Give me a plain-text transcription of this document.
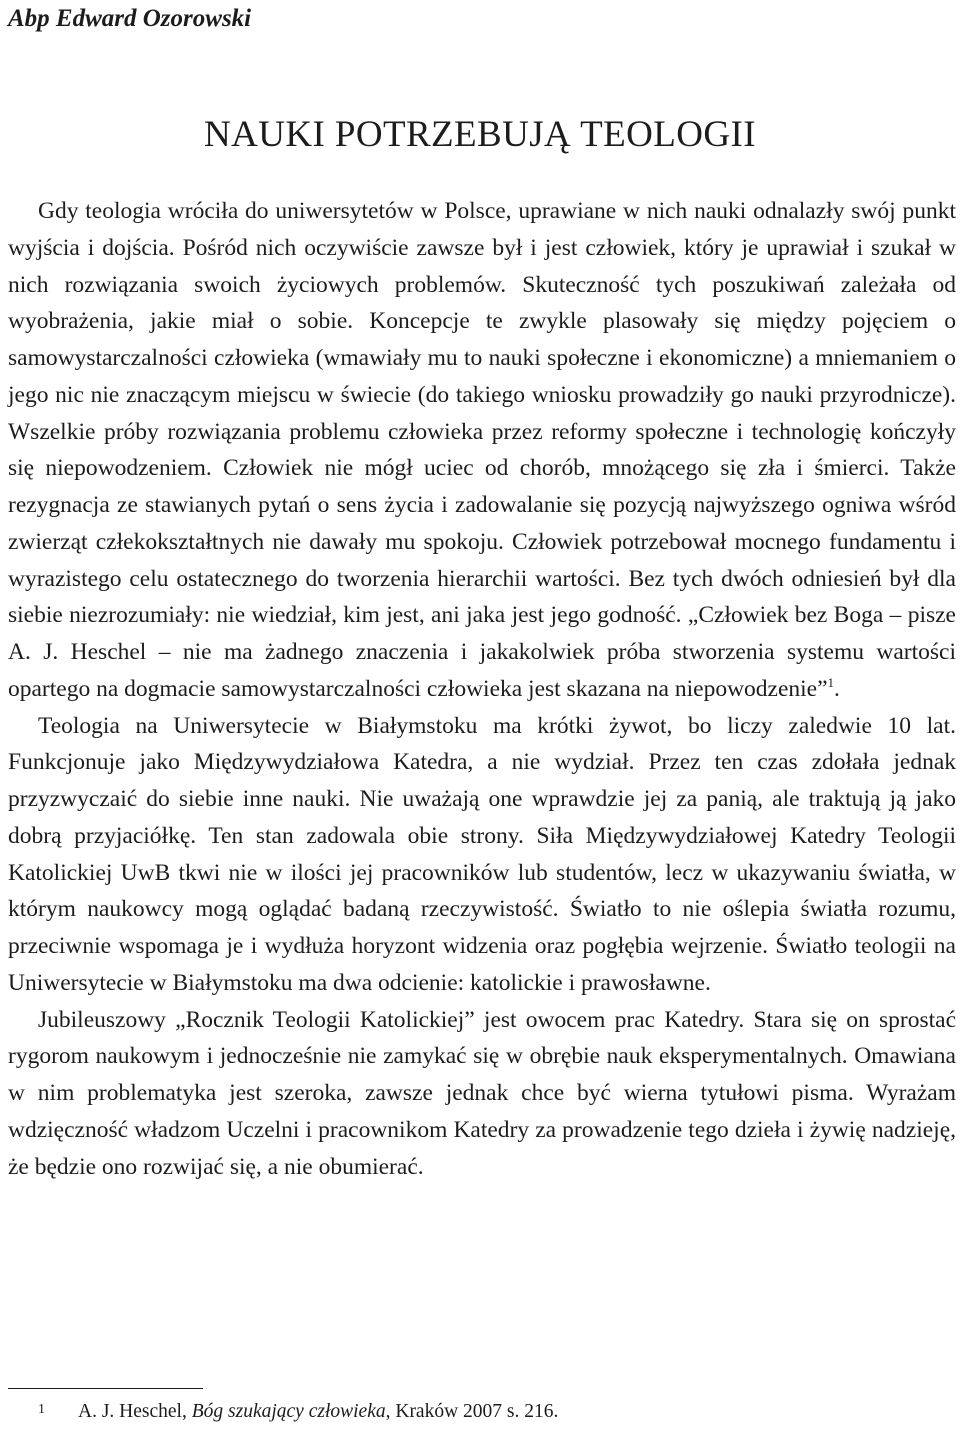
Abp Edward Ozorowski
NAUKI POTRZEBUJĄ TEOLOGII

Gdy teologia wróciła do uniwersytetów w Polsce, uprawiane w nich nauki odnalazły swój punkt wyjścia i dojścia. Pośród nich oczywiście zawsze był i jest człowiek, który je uprawiał i szukał w nich rozwiązania swoich życiowych problemów. Skuteczność tych poszukiwań zależała od wyobrażenia, jakie miał o sobie. Koncepcje te zwykle plasowały się między pojęciem o samowystarczalności człowieka (wmawiały mu to nauki społeczne i ekonomiczne) a mniemaniem o jego nic nie znaczącym miejscu w świecie (do takiego wniosku prowadziły go nauki przyrodnicze). Wszelkie próby rozwiązania problemu człowieka przez reformy społeczne i technologię kończyły się niepowodzeniem. Człowiek nie mógł uciec od chorób, mnożącego się zła i śmierci. Także rezygnacja ze stawianych pytań o sens życia i zadowalanie się pozycją najwyższego ogniwa wśród zwierząt człekokształtnych nie dawały mu spokoju. Człowiek potrzebował mocnego fundamentu i wyrazistego celu ostatecznego do tworzenia hierarchii wartości. Bez tych dwóch odniesień był dla siebie niezrozumiały: nie wiedział, kim jest, ani jaka jest jego godność. „Człowiek bez Boga – pisze A. J. Heschel – nie ma żadnego znaczenia i jakakolwiek próba stworzenia systemu wartości opartego na dogmacie samowystarczalności człowieka jest skazana na niepowodzenie”$^1$.

Teologia na Uniwersytecie w Białymstoku ma krótki żywot, bo liczy zaledwie 10 lat. Funkcjonuje jako Międzywydziałowa Katedra, a nie wydział. Przez ten czas zdołała jednak przyzwyczaić do siebie inne nauki. Nie uważają one wprawdzie jej za panią, ale traktują ją jako dobrą przyjaciółkę. Ten stan zadowala obie strony. Siła Międzywydziałowej Katedry Teologii Katolickiej UwB tkwi nie w ilości jej pracowników lub studentów, lecz w ukazywaniu światła, w którym naukowcy mogą oglądać badaną rzeczywistość. Światło to nie oślepia światła rozumu, przeciwnie wspomaga je i wydłuża horyzont widzenia oraz pogłębia wejrzenie. Światło teologii na Uniwersytecie w Białymstoku ma dwa odcienie: katolickie i prawosławne.

Jubileuszowy „Rocznik Teologii Katolickiej” jest owocem prac Katedry. Stara się on sprostać rygorom naukowym i jednocześnie nie zamykać się w obrębie nauk eksperymentalnych. Omawiana w nim problematyka jest szeroka, zawsze jednak chce być wierna tytułowi pisma. Wyrażam wdzięczność władzom Uczelni i pracownikom Katedry za prowadzenie tego dzieła i żywię nadzieję, że będzie ono rozwijać się, a nie obumierać.

1 A. J. Heschel, Bóg szukający człowieka, Kraków 2007 s. 216.
